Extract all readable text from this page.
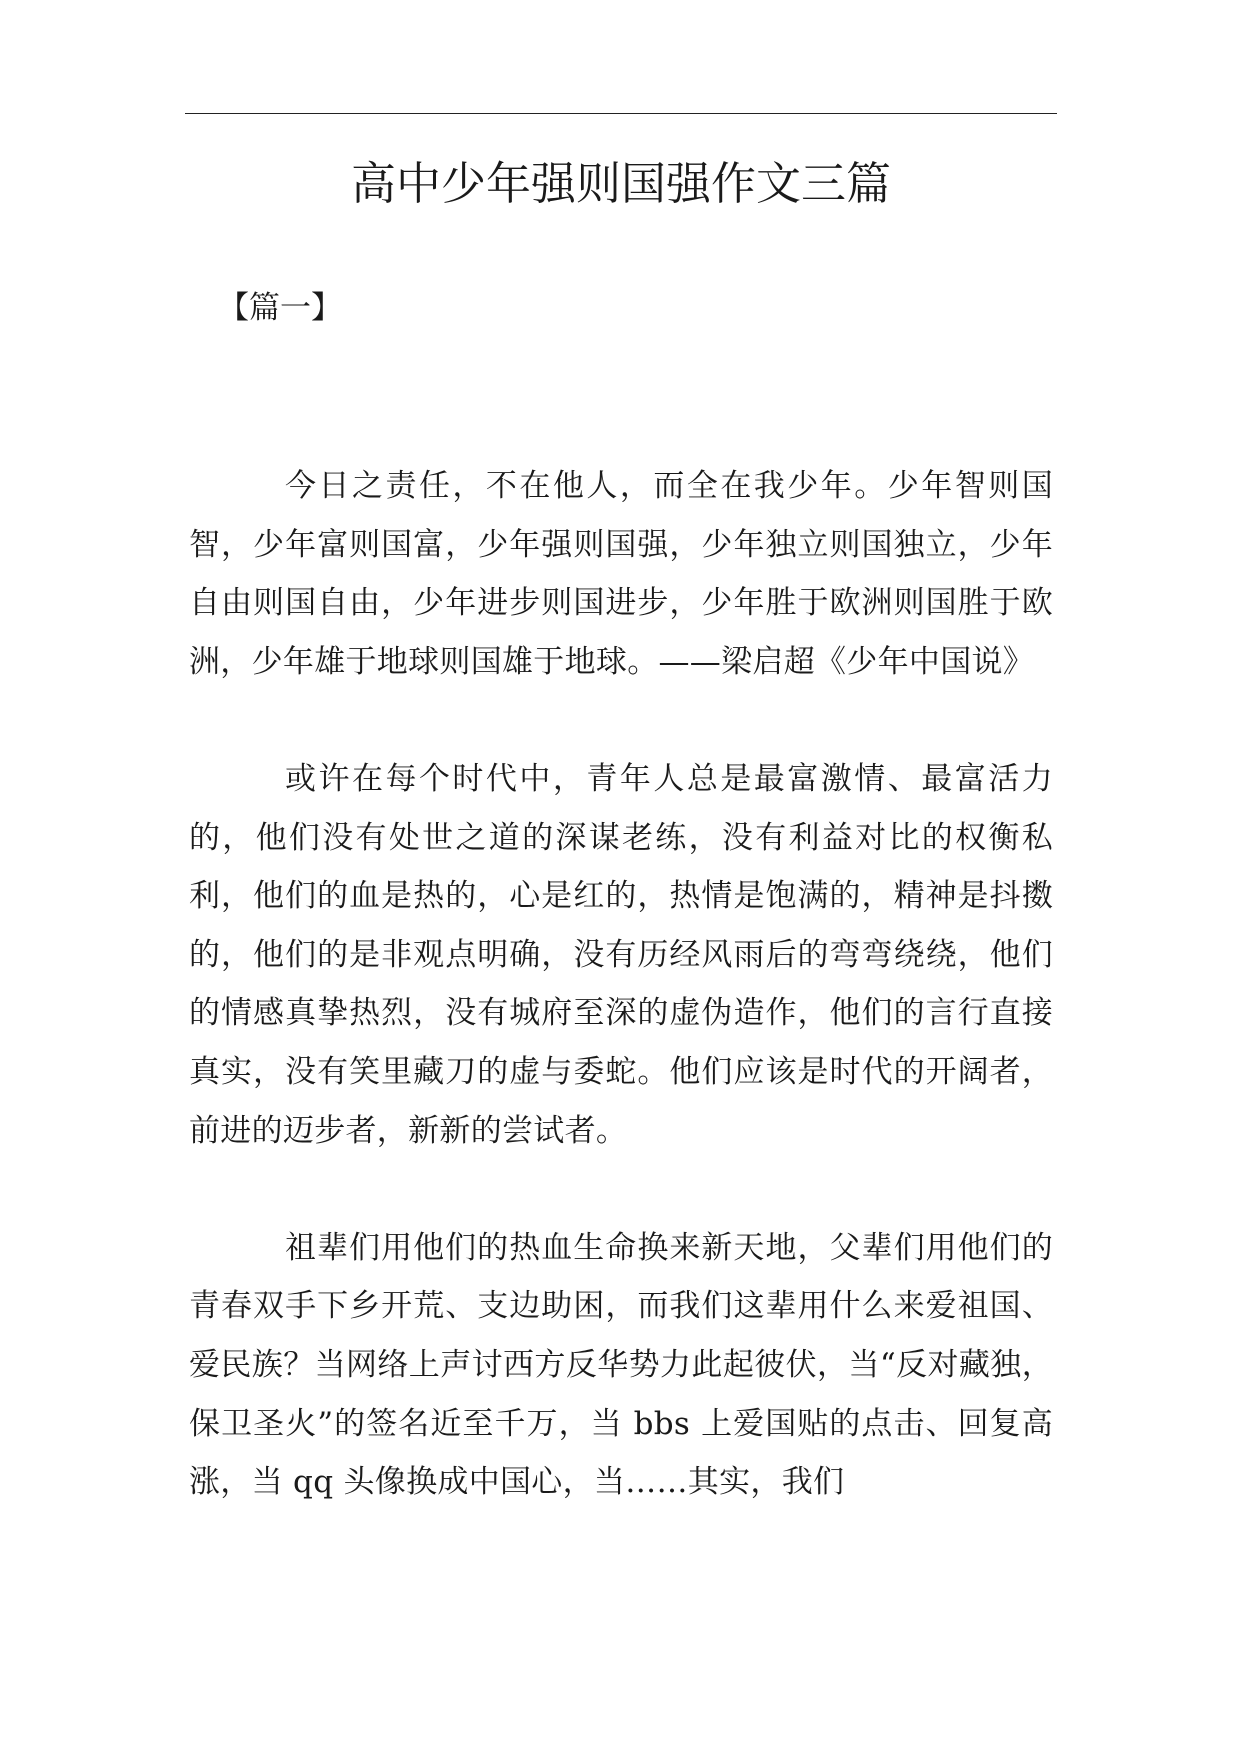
高中少年强则国强作文三篇
【篇一】

今日之责任，不在他人，而全在我少年。少年智则国智，少年富则国富，少年强则国强，少年独立则国独立，少年自由则国自由，少年进步则国进步，少年胜于欧洲则国胜于欧洲，少年雄于地球则国雄于地球。——梁启超《少年中国说》

或许在每个时代中，青年人总是最富激情、最富活力的，他们没有处世之道的深谋老练，没有利益对比的权衡私利，他们的血是热的，心是红的，热情是饱满的，精神是抖擞的，他们的是非观点明确，没有历经风雨后的弯弯绕绕，他们的情感真挚热烈，没有城府至深的虚伪造作，他们的言行直接真实，没有笑里藏刀的虚与委蛇。他们应该是时代的开阔者，前进的迈步者，新新的尝试者。

祖辈们用他们的热血生命换来新天地，父辈们用他们的青春双手下乡开荒、支边助困，而我们这辈用什么来爱祖国、爱民族？当网络上声讨西方反华势力此起彼伏，当“反对藏独，保卫圣火”的签名近至千万，当 bbs 上爱国贴的点击、回复高涨，当 qq 头像换成中国心，当……其实，我们
